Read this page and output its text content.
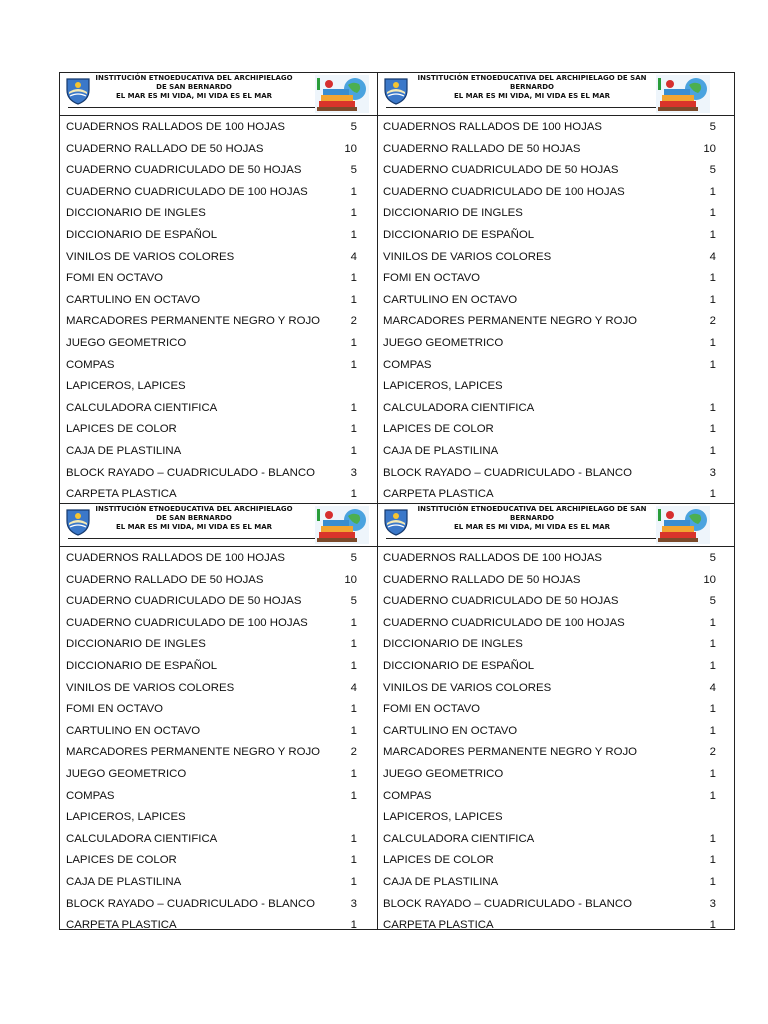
INSTITUCIÓN ETNOEDUCATIVA DEL ARCHIPIELAGO
DE SAN BERNARDO
EL MAR ES MI VIDA, MI VIDA ES EL MAR
CUADERNOS RALLADOS DE 100 HOJAS	5
CUADERNO RALLADO DE 50 HOJAS	10
CUADERNO CUADRICULADO DE 50 HOJAS	5
CUADERNO CUADRICULADO DE 100 HOJAS	1
DICCIONARIO DE INGLES	1
DICCIONARIO DE ESPAÑOL	1
VINILOS DE VARIOS COLORES	4
FOMI EN OCTAVO	1
CARTULINO EN OCTAVO	1
MARCADORES PERMANENTE NEGRO Y ROJO	2
JUEGO GEOMETRICO	1
COMPAS	1
LAPICEROS, LAPICES
CALCULADORA CIENTIFICA	1
LAPICES DE COLOR	1
CAJA DE PLASTILINA	1
BLOCK RAYADO – CUADRICULADO - BLANCO	3
CARPETA PLASTICA	1
INSTITUCIÓN ETNOEDUCATIVA DEL ARCHIPIELAGO DE SAN
BERNARDO
EL MAR ES MI VIDA, MI VIDA ES EL MAR
CUADERNOS RALLADOS DE 100 HOJAS	5
CUADERNO RALLADO DE 50 HOJAS	10
CUADERNO CUADRICULADO DE 50 HOJAS	5
CUADERNO CUADRICULADO DE 100 HOJAS	1
DICCIONARIO DE INGLES	1
DICCIONARIO DE ESPAÑOL	1
VINILOS DE VARIOS COLORES	4
FOMI EN OCTAVO	1
CARTULINO EN OCTAVO	1
MARCADORES PERMANENTE NEGRO Y ROJO	2
JUEGO GEOMETRICO	1
COMPAS	1
LAPICEROS, LAPICES
CALCULADORA CIENTIFICA	1
LAPICES DE COLOR	1
CAJA DE PLASTILINA	1
BLOCK RAYADO – CUADRICULADO - BLANCO	3
CARPETA PLASTICA	1
INSTITUCIÓN ETNOEDUCATIVA DEL ARCHIPIELAGO
DE SAN BERNARDO
EL MAR ES MI VIDA, MI VIDA ES EL MAR
CUADERNOS RALLADOS DE 100 HOJAS	5
CUADERNO RALLADO DE 50 HOJAS	10
CUADERNO CUADRICULADO DE 50 HOJAS	5
CUADERNO CUADRICULADO DE 100 HOJAS	1
DICCIONARIO DE INGLES	1
DICCIONARIO DE ESPAÑOL	1
VINILOS DE VARIOS COLORES	4
FOMI EN OCTAVO	1
CARTULINO EN OCTAVO	1
MARCADORES PERMANENTE NEGRO Y ROJO	2
JUEGO GEOMETRICO	1
COMPAS	1
LAPICEROS, LAPICES
CALCULADORA CIENTIFICA	1
LAPICES DE COLOR	1
CAJA DE PLASTILINA	1
BLOCK RAYADO – CUADRICULADO - BLANCO	3
CARPETA PLASTICA	1
INSTITUCIÓN ETNOEDUCATIVA DEL ARCHIPIELAGO DE SAN
BERNARDO
EL MAR ES MI VIDA, MI VIDA ES EL MAR
CUADERNOS RALLADOS DE 100 HOJAS	5
CUADERNO RALLADO DE 50 HOJAS	10
CUADERNO CUADRICULADO DE 50 HOJAS	5
CUADERNO CUADRICULADO DE 100 HOJAS	1
DICCIONARIO DE INGLES	1
DICCIONARIO DE ESPAÑOL	1
VINILOS DE VARIOS COLORES	4
FOMI EN OCTAVO	1
CARTULINO EN OCTAVO	1
MARCADORES PERMANENTE NEGRO Y ROJO	2
JUEGO GEOMETRICO	1
COMPAS	1
LAPICEROS, LAPICES
CALCULADORA CIENTIFICA	1
LAPICES DE COLOR	1
CAJA DE PLASTILINA	1
BLOCK RAYADO – CUADRICULADO - BLANCO	3
CARPETA PLASTICA	1
